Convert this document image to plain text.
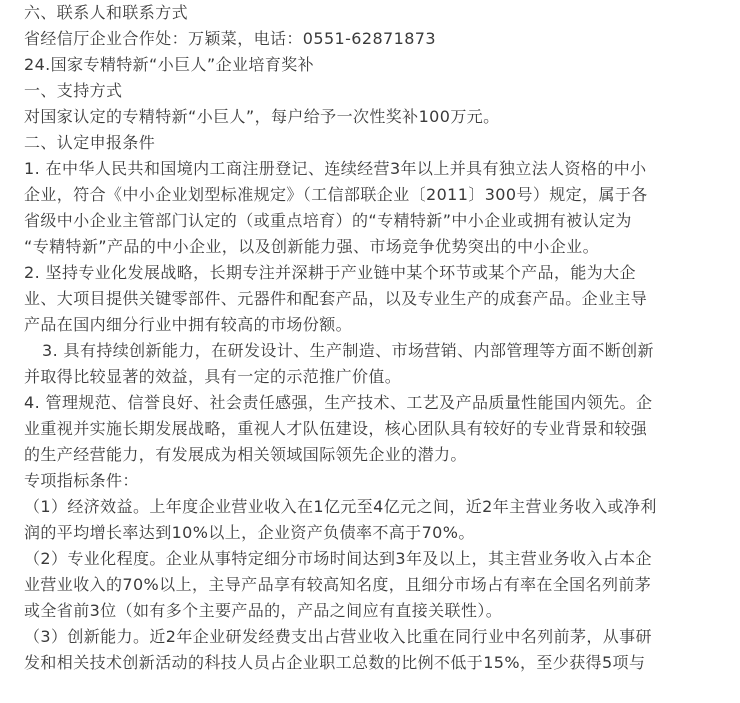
六、联系人和联系方式
省经信厅企业合作处：万颖菜，电话：0551-62871873
24.国家专精特新“小巨人”企业培育奖补
一、支持方式
对国家认定的专精特新“小巨人”，每户给予一次性奖补100万元。
二、认定申报条件
1. 在中华人民共和国境内工商注册登记、连续经营3年以上并具有独立法人资格的中小
企业，符合《中小企业划型标准规定》（工信部联企业〔2011〕300号）规定，属于各
省级中小企业主管部门认定的（或重点培育）的“专精特新”中小企业或拥有被认定为
“专精特新”产品的中小企业，以及创新能力强、市场竞争优势突出的中小企业。
2. 坚持专业化发展战略，长期专注并深耕于产业链中某个环节或某个产品，能为大企
业、大项目提供关键零部件、元器件和配套产品，以及专业生产的成套产品。企业主导
产品在国内细分行业中拥有较高的市场份额。
3. 具有持续创新能力，在研发设计、生产制造、市场营销、内部管理等方面不断创新
并取得比较显著的效益，具有一定的示范推广价值。
4. 管理规范、信誉良好、社会责任感强，生产技术、工艺及产品质量性能国内领先。企
业重视并实施长期发展战略，重视人才队伍建设，核心团队具有较好的专业背景和较强
的生产经营能力，有发展成为相关领域国际领先企业的潜力。
专项指标条件：
（1）经济效益。上年度企业营业收入在1亿元至4亿元之间，近2年主营业务收入或净利
润的平均增长率达到10%以上，企业资产负债率不高于70%。
（2）专业化程度。企业从事特定细分市场时间达到3年及以上，其主营业务收入占本企
业营业收入的70%以上，主导产品享有较高知名度，且细分市场占有率在全国名列前茅
或全省前3位（如有多个主要产品的，产品之间应有直接关联性）。
（3）创新能力。近2年企业研发经费支出占营业收入比重在同行业中名列前茅，从事研
发和相关技术创新活动的科技人员占企业职工总数的比例不低于15%，至少获得5项与
